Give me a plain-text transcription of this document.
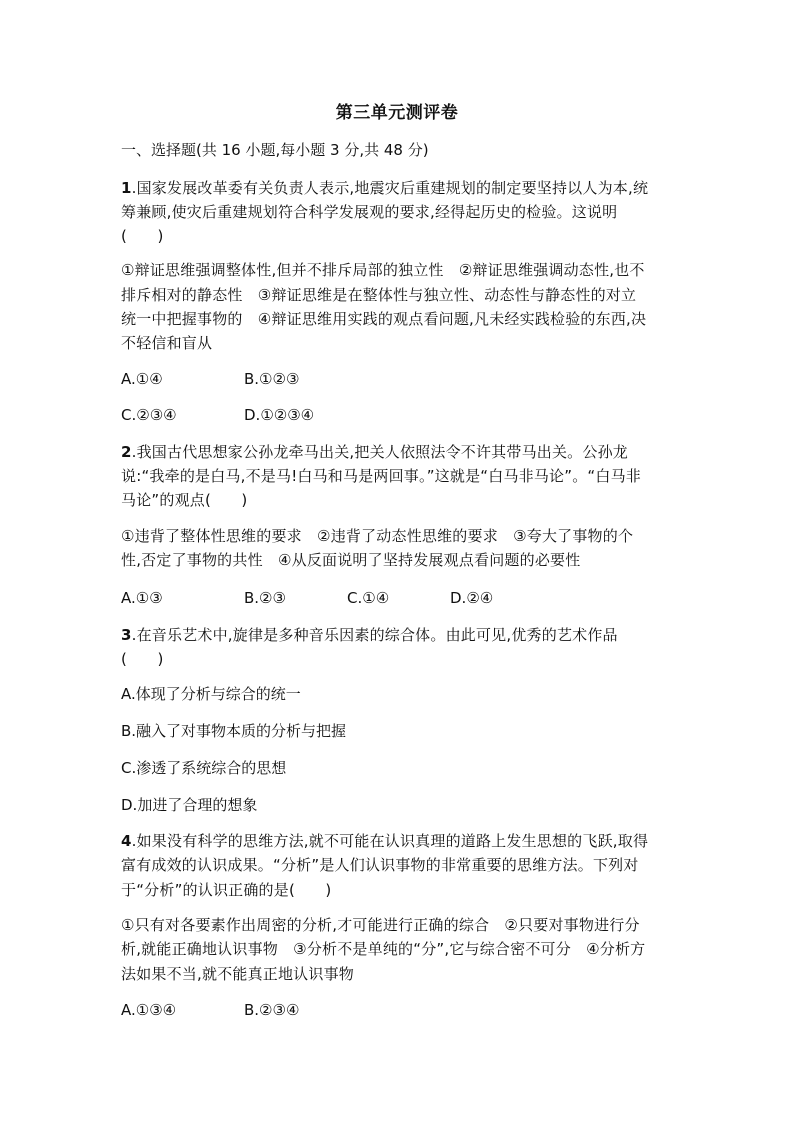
第三单元测评卷
一、选择题(共 16 小题,每小题 3 分,共 48 分)
1.国家发展改革委有关负责人表示,地震灾后重建规划的制定要坚持以人为本,统
筹兼顾,使灾后重建规划符合科学发展观的要求,经得起历史的检验。这说明
(　　)
①辩证思维强调整体性,但并不排斥局部的独立性　②辩证思维强调动态性,也不
排斥相对的静态性　③辩证思维是在整体性与独立性、动态性与静态性的对立
统一中把握事物的　④辩证思维用实践的观点看问题,凡未经实践检验的东西,决
不轻信和盲从
A.①④	B.①②③
C.②③④	D.①②③④
2.我国古代思想家公孙龙牵马出关,把关人依照法令不许其带马出关。公孙龙
说:“我牵的是白马,不是马!白马和马是两回事。”这就是“白马非马论”。“白马非
马论”的观点(　　)
①违背了整体性思维的要求　②违背了动态性思维的要求　③夸大了事物的个
性,否定了事物的共性　④从反面说明了坚持发展观点看问题的必要性
A.①③	B.②③	C.①④	D.②④
3.在音乐艺术中,旋律是多种音乐因素的综合体。由此可见,优秀的艺术作品
(　　)
A.体现了分析与综合的统一
B.融入了对事物本质的分析与把握
C.渗透了系统综合的思想
D.加进了合理的想象
4.如果没有科学的思维方法,就不可能在认识真理的道路上发生思想的飞跃,取得
富有成效的认识成果。“分析”是人们认识事物的非常重要的思维方法。下列对
于“分析”的认识正确的是(　　)
①只有对各要素作出周密的分析,才可能进行正确的综合　②只要对事物进行分
析,就能正确地认识事物　③分析不是单纯的“分”,它与综合密不可分　④分析方
法如果不当,就不能真正地认识事物
A.①③④	B.②③④
